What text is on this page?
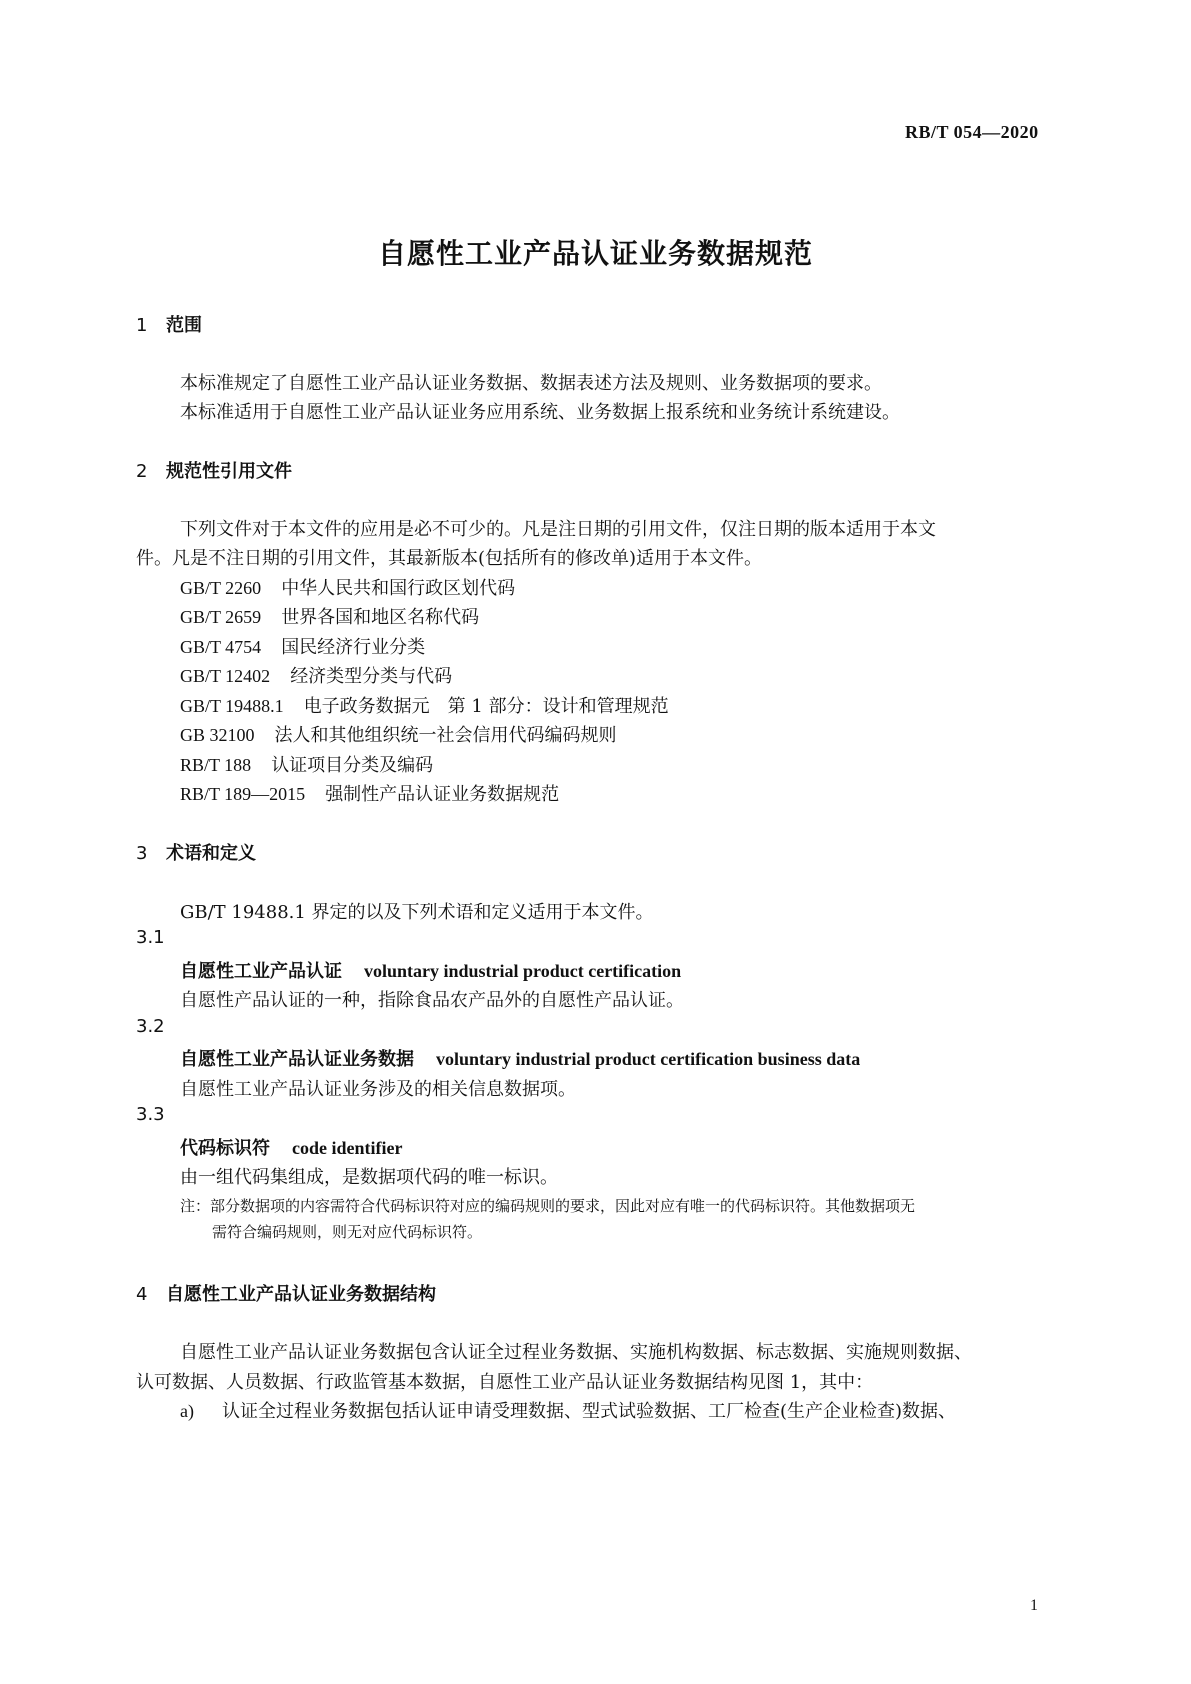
RB/T 054—2020
自愿性工业产品认证业务数据规范
1 范围
本标准规定了自愿性工业产品认证业务数据、数据表述方法及规则、业务数据项的要求。
本标准适用于自愿性工业产品认证业务应用系统、业务数据上报系统和业务统计系统建设。
2 规范性引用文件
下列文件对于本文件的应用是必不可少的。凡是注日期的引用文件，仅注日期的版本适用于本文
件。凡是不注日期的引用文件，其最新版本(包括所有的修改单)适用于本文件。
GB/T 2260 中华人民共和国行政区划代码
GB/T 2659 世界各国和地区名称代码
GB/T 4754 国民经济行业分类
GB/T 12402 经济类型分类与代码
GB/T 19488.1 电子政务数据元　第 1 部分：设计和管理规范
GB 32100 法人和其他组织统一社会信用代码编码规则
RB/T 188 认证项目分类及编码
RB/T 189—2015 强制性产品认证业务数据规范
3 术语和定义
GB/T 19488.1 界定的以及下列术语和定义适用于本文件。
3.1
自愿性工业产品认证 voluntary industrial product certification
自愿性产品认证的一种，指除食品农产品外的自愿性产品认证。
3.2
自愿性工业产品认证业务数据 voluntary industrial product certification business data
自愿性工业产品认证业务涉及的相关信息数据项。
3.3
代码标识符 code identifier
由一组代码集组成，是数据项代码的唯一标识。
注：部分数据项的内容需符合代码标识符对应的编码规则的要求，因此对应有唯一的代码标识符。其他数据项无
需符合编码规则，则无对应代码标识符。
4 自愿性工业产品认证业务数据结构
自愿性工业产品认证业务数据包含认证全过程业务数据、实施机构数据、标志数据、实施规则数据、
认可数据、人员数据、行政监管基本数据，自愿性工业产品认证业务数据结构见图 1，其中：
a) 认证全过程业务数据包括认证申请受理数据、型式试验数据、工厂检查(生产企业检查)数据、
1
